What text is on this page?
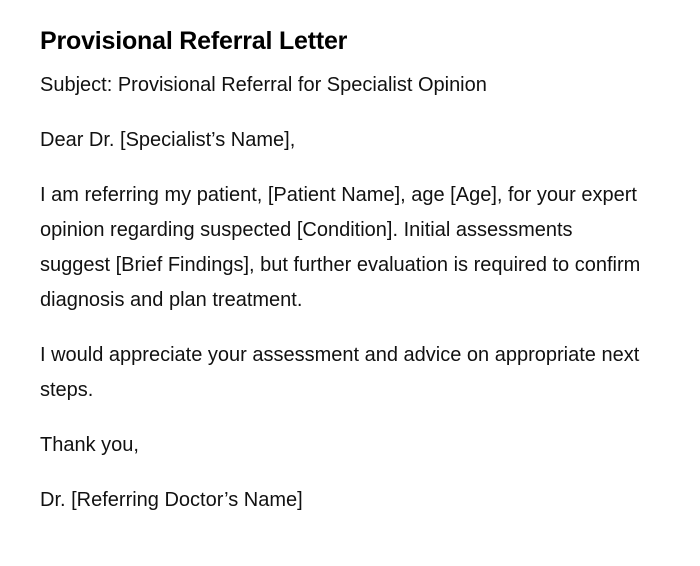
Provisional Referral Letter

Subject: Provisional Referral for Specialist Opinion

Dear Dr. [Specialist’s Name],

I am referring my patient, [Patient Name], age [Age], for your expert opinion regarding suspected [Condition]. Initial assessments suggest [Brief Findings], but further evaluation is required to confirm diagnosis and plan treatment.

I would appreciate your assessment and advice on appropriate next steps.

Thank you,

Dr. [Referring Doctor’s Name]
